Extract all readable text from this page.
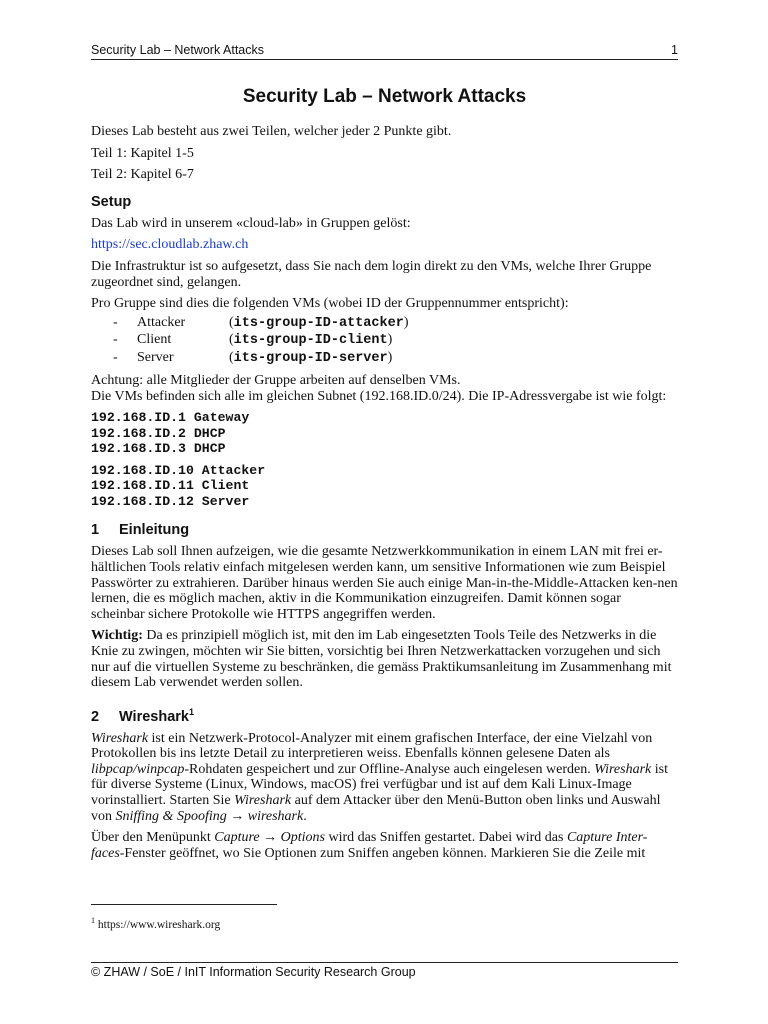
Security Lab – Network Attacks	1
Security Lab – Network Attacks

Dieses Lab besteht aus zwei Teilen, welcher jeder 2 Punkte gibt.

Teil 1: Kapitel 1-5

Teil 2: Kapitel 6-7

Setup

Das Lab wird in unserem «cloud-lab» in Gruppen gelöst:

https://sec.cloudlab.zhaw.ch

Die Infrastruktur ist so aufgesetzt, dass Sie nach dem login direkt zu den VMs, welche Ihrer Gruppe zugeordnet sind, gelangen.

Pro Gruppe sind dies die folgenden VMs (wobei ID der Gruppennummer entspricht):

-	Attacker	(its-group-ID-attacker)
-	Client	(its-group-ID-client)
-	Server	(its-group-ID-server)

Achtung: alle Mitglieder der Gruppe arbeiten auf denselben VMs.

Die VMs befinden sich alle im gleichen Subnet (192.168.ID.0/24). Die IP-Adressvergabe ist wie folgt:

192.168.ID.1 Gateway
192.168.ID.2 DHCP
192.168.ID.3 DHCP
192.168.ID.10 Attacker
192.168.ID.11 Client
192.168.ID.12 Server
1 Einleitung

Dieses Lab soll Ihnen aufzeigen, wie die gesamte Netzwerkkommunikation in einem LAN mit frei er-hältlichen Tools relativ einfach mitgelesen werden kann, um sensitive Informationen wie zum Beispiel Passwörter zu extrahieren. Darüber hinaus werden Sie auch einige Man-in-the-Middle-Attacken ken-nen lernen, die es möglich machen, aktiv in die Kommunikation einzugreifen. Damit können sogar scheinbar sichere Protokolle wie HTTPS angegriffen werden.

Wichtig: Da es prinzipiell möglich ist, mit den im Lab eingesetzten Tools Teile des Netzwerks in die Knie zu zwingen, möchten wir Sie bitten, vorsichtig bei Ihren Netzwerkattacken vorzugehen und sich nur auf die virtuellen Systeme zu beschränken, die gemäss Praktikumsanleitung im Zusammenhang mit diesem Lab verwendet werden sollen.

2 Wireshark$^1$

Wireshark ist ein Netzwerk-Protocol-Analyzer mit einem grafischen Interface, der eine Vielzahl von Protokollen bis ins letzte Detail zu interpretieren weiss. Ebenfalls können gelesene Daten als libpcap/winpcap-Rohdaten gespeichert und zur Offline-Analyse auch eingelesen werden. Wireshark ist für diverse Systeme (Linux, Windows, macOS) frei verfügbar und ist auf dem Kali Linux-Image vorinstalliert. Starten Sie Wireshark auf dem Attacker über den Menü-Button oben links und Auswahl von Sniffing & Spoofing → wireshark.

Über den Menüpunkt Capture → Options wird das Sniffen gestartet. Dabei wird das Capture Inter-faces-Fenster geöffnet, wo Sie Optionen zum Sniffen angeben können. Markieren Sie die Zeile mit

$^1$ https://www.wireshark.org
© ZHAW / SoE / InIT Information Security Research Group
